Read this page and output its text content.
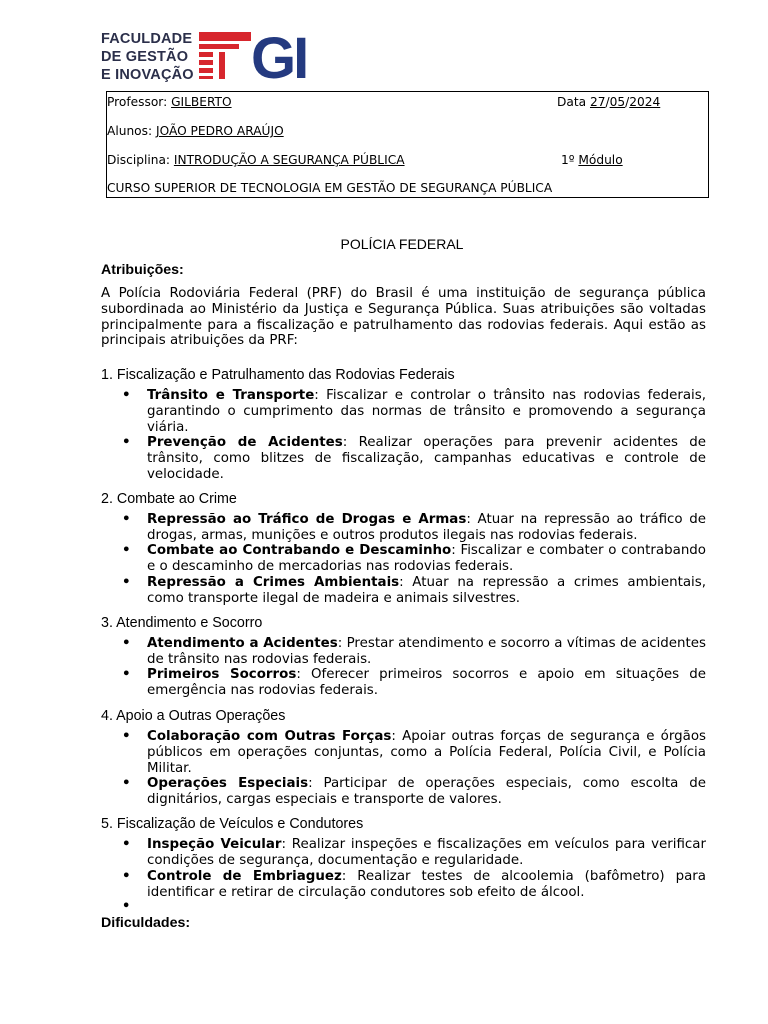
FACULDADE
DE GESTÃO
E INOVAÇÃO GI
Professor: GILBERTO	Data 27/05/2024
Alunos: JOÃO PEDRO ARAÚJO
Disciplina: INTRODUÇÃO A SEGURANÇA PÚBLICA	1º Módulo
CURSO SUPERIOR DE TECNOLOGIA EM GESTÃO DE SEGURANÇA PÚBLICA
POLÍCIA FEDERAL
Atribuições:
A Polícia Rodoviária Federal (PRF) do Brasil é uma instituição de segurança pública subordinada ao Ministério da Justiça e Segurança Pública. Suas atribuições são voltadas principalmente para a fiscalização e patrulhamento das rodovias federais. Aqui estão as principais atribuições da PRF:
1. Fiscalização e Patrulhamento das Rodovias Federais
• Trânsito e Transporte: Fiscalizar e controlar o trânsito nas rodovias federais, garantindo o cumprimento das normas de trânsito e promovendo a segurança viária.
• Prevenção de Acidentes: Realizar operações para prevenir acidentes de trânsito, como blitzes de fiscalização, campanhas educativas e controle de velocidade.
2. Combate ao Crime
• Repressão ao Tráfico de Drogas e Armas: Atuar na repressão ao tráfico de drogas, armas, munições e outros produtos ilegais nas rodovias federais.
• Combate ao Contrabando e Descaminho: Fiscalizar e combater o contrabando e o descaminho de mercadorias nas rodovias federais.
• Repressão a Crimes Ambientais: Atuar na repressão a crimes ambientais, como transporte ilegal de madeira e animais silvestres.
3. Atendimento e Socorro
• Atendimento a Acidentes: Prestar atendimento e socorro a vítimas de acidentes de trânsito nas rodovias federais.
• Primeiros Socorros: Oferecer primeiros socorros e apoio em situações de emergência nas rodovias federais.
4. Apoio a Outras Operações
• Colaboração com Outras Forças: Apoiar outras forças de segurança e órgãos públicos em operações conjuntas, como a Polícia Federal, Polícia Civil, e Polícia Militar.
• Operações Especiais: Participar de operações especiais, como escolta de dignitários, cargas especiais e transporte de valores.
5. Fiscalização de Veículos e Condutores
• Inspeção Veicular: Realizar inspeções e fiscalizações em veículos para verificar condições de segurança, documentação e regularidade.
• Controle de Embriaguez: Realizar testes de alcoolemia (bafômetro) para identificar e retirar de circulação condutores sob efeito de álcool.
•
Dificuldades:
